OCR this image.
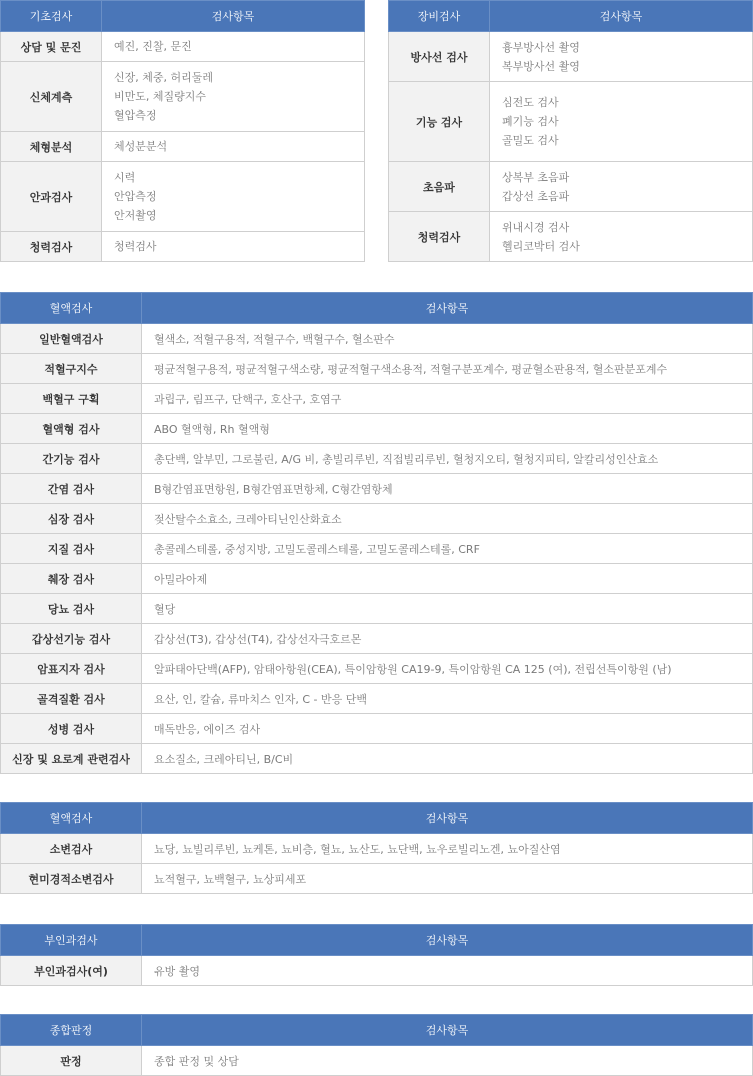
기초검사	검사항목
상담 및 문진	예진, 진찰, 문진

신체계측	신장, 체중, 허리둘레
비만도, 체질량지수
혈압측정

체형분석	체성분분석

안과검사	시력
안압측정
안저촬영

청력검사	청력검사
장비검사	검사항목
방사선 검사	흉부방사선 촬영
복부방사선 촬영

기능 검사	심전도 검사
폐기능 검사
골밀도 검사

초음파	상복부 초음파
갑상선 초음파

청력검사	위내시경 검사
헬리코박터 검사
혈액검사	검사항목
일반혈액검사	혈색소, 적혈구용적, 적혈구수, 백혈구수, 혈소판수
적혈구지수	평균적혈구용적, 평균적혈구색소량, 평균적혈구색소용적, 적혈구분포계수, 평균혈소판용적, 혈소판분포계수
백혈구 구획	과립구, 림프구, 단핵구, 호산구, 호염구
혈액형 검사	ABO 혈액형, Rh 혈액형
간기능 검사	총단백, 알부민, 그로불린, A/G 비, 총빌리루빈, 직접빌리루빈, 혈청지오티, 혈청지피티, 알칼리성인산효소
간염 검사	B형간염표면항원, B형간염표면항체, C형간염항체
심장 검사	젖산탈수소효소, 크레아티닌인산화효소
지질 검사	총콜레스테롤, 중성지방, 고밀도콜레스테롤, 고밀도콜레스테롤, CRF
췌장 검사	아밀라아제
당뇨 검사	혈당
갑상선기능 검사	갑상선(T3), 갑상선(T4), 갑상선자극호르몬
암표지자 검사	알파태아단백(AFP), 암태아항원(CEA), 특이암항원 CA19-9, 특이암항원 CA 125 (여), 전립선특이항원 (남)
골격질환 검사	요산, 인, 칼슘, 류마치스 인자, C - 반응 단백
성병 검사	매독반응, 에이즈 검사
신장 및 요로계 관련검사	요소질소, 크레아티닌, B/C비
혈액검사	검사항목
소변검사	뇨당, 뇨빌리루빈, 뇨케톤, 뇨비층, 혈뇨, 뇨산도, 뇨단백, 뇨우로빌리노겐, 뇨아질산염
현미경적소변검사	뇨적혈구, 뇨백혈구, 뇨상피세포
부인과검사	검사항목
부인과검사(여)	유방 촬영
종합판정	검사항목
판정	종합 판정 및 상담
